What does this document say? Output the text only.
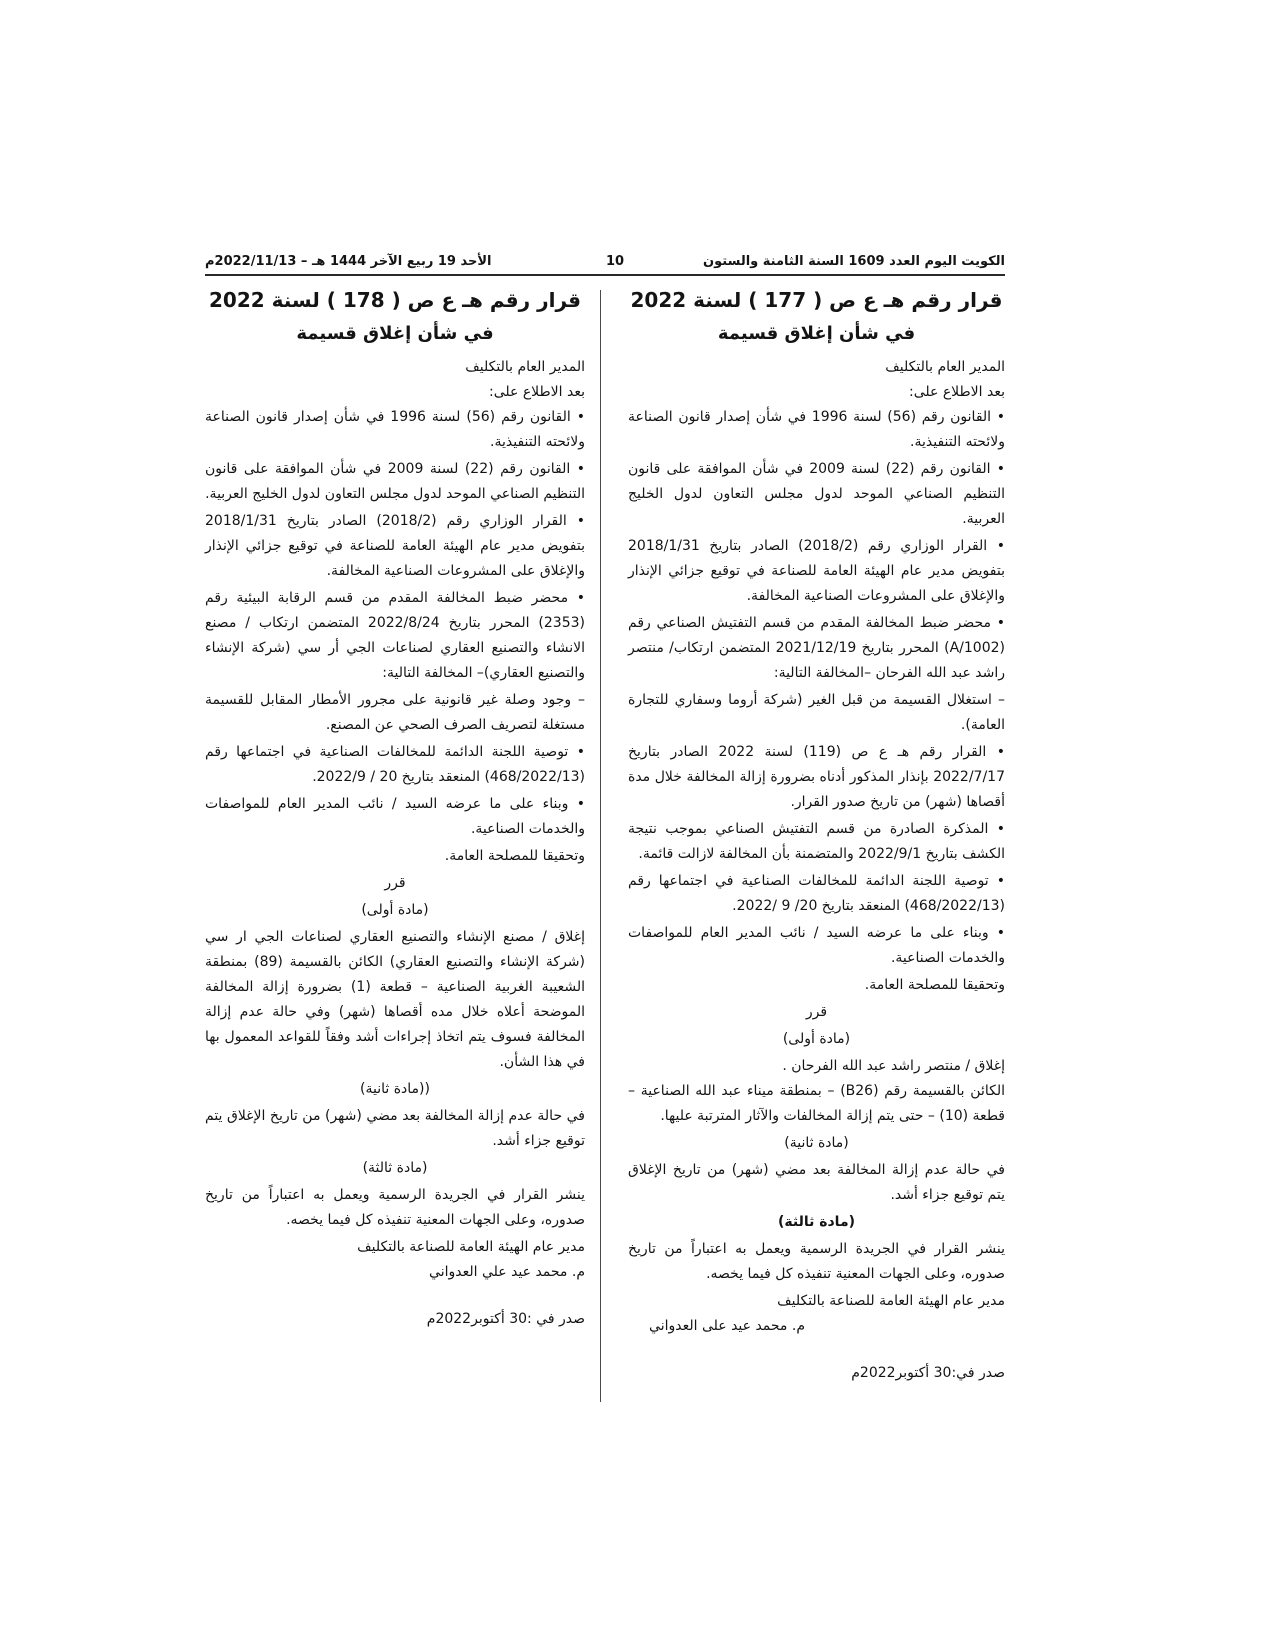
الكويت اليوم العدد 1609 السنة الثامنة والستون
10
الأحد 19 ربيع الآخر 1444 هـ – 2022/11/13م

قرار رقم هـ ع ص ( 177 ) لسنة 2022

في شأن إغلاق قسيمة

المدير العام بالتكليف

بعد الاطلاع على:

• القانون رقم (56) لسنة 1996 في شأن إصدار قانون الصناعة ولائحته التنفيذية.

• القانون رقم (22) لسنة 2009 في شأن الموافقة على قانون التنظيم الصناعي الموحد لدول مجلس التعاون لدول الخليج العربية.

• القرار الوزاري رقم (2018/2) الصادر بتاريخ 2018/1/31 بتفويض مدير عام الهيئة العامة للصناعة في توقيع جزائي الإنذار والإغلاق على المشروعات الصناعية المخالفة.

• محضر ضبط المخالفة المقدم من قسم التفتيش الصناعي رقم (A/1002) المحرر بتاريخ 2021/12/19 المتضمن ارتكاب/ منتصر راشد عبد الله الفرحان –المخالفة التالية:

– استغلال القسيمة من قبل الغير (شركة أروما وسفاري للتجارة العامة).

• القرار رقم هـ ع ص (119) لسنة 2022 الصادر بتاريخ 2022/7/17 بإنذار المذكور أدناه بضرورة إزالة المخالفة خلال مدة أقصاها (شهر) من تاريخ صدور القرار.

• المذكرة الصادرة من قسم التفتيش الصناعي بموجب نتيجة الكشف بتاريخ 2022/9/1 والمتضمنة بأن المخالفة لازالت قائمة.

• توصية اللجنة الدائمة للمخالفات الصناعية في اجتماعها رقم (468/2022/13) المنعقد بتاريخ 20/ 9 /2022.

• وبناء على ما عرضه السيد / نائب المدير العام للمواصفات والخدمات الصناعية.

وتحقيقا للمصلحة العامة.

قرر

(مادة أولى)

إغلاق / منتصر راشد عبد الله الفرحان .

الكائن بالقسيمة رقم (B26) – بمنطقة ميناء عبد الله الصناعية – قطعة (10) – حتى يتم إزالة المخالفات والآثار المترتبة عليها.

(مادة ثانية)

في حالة عدم إزالة المخالفة بعد مضي (شهر) من تاريخ الإغلاق يتم توقيع جزاء أشد.

(مادة ثالثة)

ينشر القرار في الجريدة الرسمية ويعمل به اعتباراً من تاريخ صدوره، وعلى الجهات المعنية تنفيذه كل فيما يخصه.

مدير عام الهيئة العامة للصناعة بالتكليف

م. محمد عيد على العدواني

صدر في:30 أكتوبر2022م

قرار رقم هـ ع ص ( 178 ) لسنة 2022

في شأن إغلاق قسيمة

المدير العام بالتكليف

بعد الاطلاع على:

• القانون رقم (56) لسنة 1996 في شأن إصدار قانون الصناعة ولائحته التنفيذية.

• القانون رقم (22) لسنة 2009 في شأن الموافقة على قانون التنظيم الصناعي الموحد لدول مجلس التعاون لدول الخليج العربية.

• القرار الوزاري رقم (2018/2) الصادر بتاريخ 2018/1/31 بتفويض مدير عام الهيئة العامة للصناعة في توقيع جزائي الإنذار والإغلاق على المشروعات الصناعية المخالفة.

• محضر ضبط المخالفة المقدم من قسم الرقابة البيئية رقم (2353) المحرر بتاريخ 2022/8/24 المتضمن ارتكاب / مصنع الانشاء والتصنيع العقاري لصناعات الجي أر سي (شركة الإنشاء والتصنيع العقاري)– المخالفة التالية:

– وجود وصلة غير قانونية على مجرور الأمطار المقابل للقسيمة مستغلة لتصريف الصرف الصحي عن المصنع.

• توصية اللجنة الدائمة للمخالفات الصناعية في اجتماعها رقم (468/2022/13) المنعقد بتاريخ 20 / 2022/9.

• وبناء على ما عرضه السيد / نائب المدير العام للمواصفات والخدمات الصناعية.

وتحقيقا للمصلحة العامة.

قرر

(مادة أولى)

إغلاق / مصنع الإنشاء والتصنيع العقاري لصناعات الجي ار سي (شركة الإنشاء والتصنيع العقاري) الكائن بالقسيمة (89) بمنطقة الشعيبة الغربية الصناعية – قطعة (1) بضرورة إزالة المخالفة الموضحة أعلاه خلال مده أقصاها (شهر) وفي حالة عدم إزالة المخالفة فسوف يتم اتخاذ إجراءات أشد وفقاً للقواعد المعمول بها في هذا الشأن.

((مادة ثانية)

في حالة عدم إزالة المخالفة بعد مضي (شهر) من تاريخ الإغلاق يتم توقيع جزاء أشد.

(مادة ثالثة)

ينشر القرار في الجريدة الرسمية ويعمل به اعتباراً من تاريخ صدوره، وعلى الجهات المعنية تنفيذه كل فيما يخصه.

مدير عام الهيئة العامة للصناعة بالتكليف

م. محمد عيد علي العدواني

صدر في :30 أكتوبر2022م
